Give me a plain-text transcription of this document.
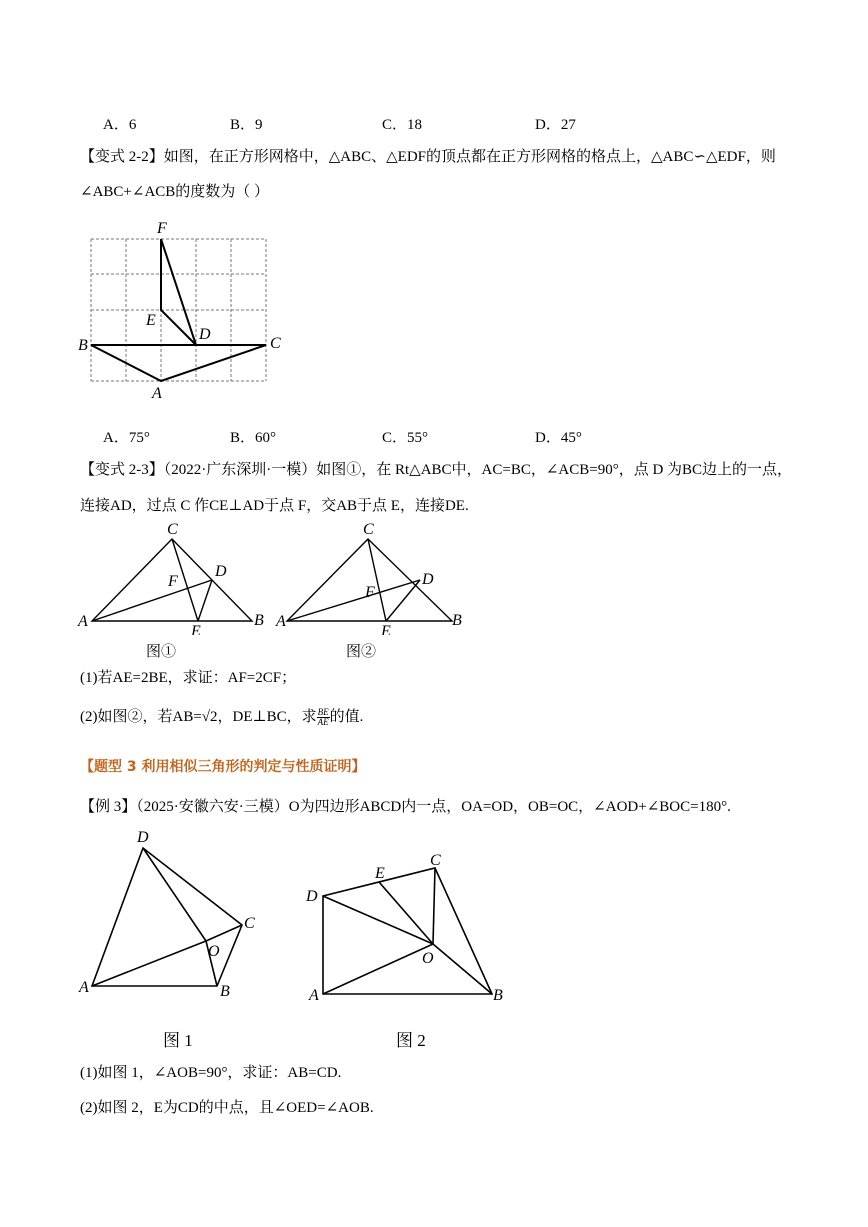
A．6	B．9	C．18	D．27
【变式 2-2】如图，在正方形网格中，△ABC、△EDF的顶点都在正方形网格的格点上，△ABC∽△EDF，则
∠ABC+∠ACB的度数为（ ）
F
E
D
B	C
A
A．75°	B．60°	C．55°	D．45°
【变式 2-3】（2022·广东深圳·一模）如图①，在 Rt△ABC中，AC=BC，∠ACB=90°，点 D 为BC边上的一点，
连接AD，过点 C 作CE⊥AD于点 F，交AB于点 E，连接DE.
C
D
F
A	B
E
图①
C
D
F
A	B
E
图②
(1)若AE=2BE，求证：AF=2CF；
(2)如图②，若AB=√2，DE⊥BC，求 $\frac{BE}{AE}$ 的值.
【题型 3 利用相似三角形的判定与性质证明】
【例 3】（2025·安徽六安·三模）O为四边形ABCD内一点，OA=OD，OB=OC，∠AOD+∠BOC=180°.
D
C
O
A	B
图 1
E
C
D
O
A	B
图 2
(1)如图 1，∠AOB=90°，求证：AB=CD.
(2)如图 2，E为CD的中点，且∠OED=∠AOB.
